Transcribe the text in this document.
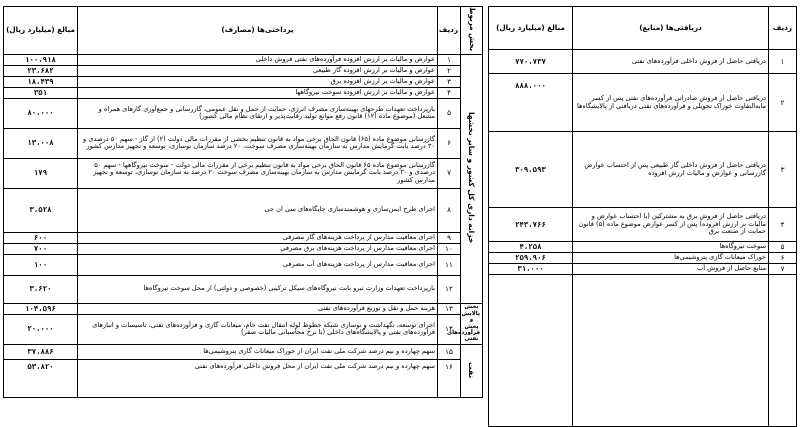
بخش مربوط	ردیف	پرداختی‌ها (مصارف)	مبالغ (میلیارد ریال)
خزانه داری کل کشور و سایر بخشها	۱	عوارض و مالیات بر ارزش افزوده فرآورده‌های نفتی فروش داخلی	۱۰۰،۹۱۸
	۲	عوارض و مالیات بر ارزش افزوده گاز طبیعی	۲۳،۶۸۲
	۳	عوارض و مالیات بر ارزش افزوده برق	۱۸،۴۳۹
	۴	عوارض و مالیات بر ارزش افزوده سوخت نیروگاهها	۳۵۱
	۵	بازپرداخت تعهدات طرحهای بهینه‌سازی مصرف انرژی، حمایت از حمل و نقل عمومی، گازرسانی و جمع‌آوری گازهای همراه و مشعل (موضوع ماده (۱۲) قانون رفع موانع تولید رقابت‌پذیر و ارتقای نظام مالی کشور)	۸۰،۰۰۰
	۶	گازرسانی موضوع ماده (۶۵) قانون الحاق برخی مواد به قانون تنظیم بخشی از مقررات مالی دولت (۲) از گاز - سهم ۵۰ درصدی و ۳۰ درصد بابت گرمایش مدارس به سازمان بهینه‌سازی مصرف سوخت، ۲۰ درصد سازمان نوسازی، توسعه و تجهیز مدارس کشور	۱۳،۰۰۸
	۷	گازرسانی موضوع ماده ۶۵ قانون الحاق برخی مواد به قانون تنظیم برخی از مقررات مالی دولت - سوخت نیروگاهها - سهم ۵۰ درصدی و ۳۰ درصد بابت گرمایش مدارس به سازمان بهینه‌سازی مصرف سوخت ۲۰ درصد به سازمان نوسازی، توسعه و تجهیز مدارس کشور	۱۷۹
	۸	اجرای طرح ایمن‌سازی و هوشمندسازی جایگاه‌های سی ان جی	۳،۵۲۸
	۹	اجرای معافیت مدارس از پرداخت هزینه‌های گاز مصرفی	۶۰۰
	۱۰	اجرای معافیت مدارس از پرداخت هزینه‌های برق مصرفی	۷۰۰
	۱۱	اجرای معافیت مدارس از پرداخت هزینه‌های آب مصرفی	۱۰۰
	۱۲	بازپرداخت تعهدات وزارت نیرو بابت نیروگاه‌های سیکل ترکیبی (خصوصی و دولتی) از محل سوخت نیروگاه‌ها	۳،۶۲۰
بخش پالایش و پخش فرآورده‌های نفتی	۱۳	هزینه حمل و نقل و توزیع فرآورده‌های نفتی	۱۰۴،۵۹۶
	۱۴	اجرای توسعه، نگهداشت و نوسازی شبکه خطوط لوله انتقال نفت خام، میعانات گازی و فرآورده‌های نفتی، تاسیسات و انبارهای فرآورده‌های نفتی و پالایشگاه‌های داخلی (با نرخ محاسباتی مالیات صفر)	۲۰،۰۰۰
نفت	۱۵	سهم چهارده و نیم درصد شرکت ملی نفت ایران از خوراک میعانات گازی پتروشیمی‌ها	۳۷،۸۸۶
	۱۶	سهم چهارده و نیم درصد شرکت ملی نفت ایران از محل فروش داخلی فرآورده‌های نفتی	۵۳،۸۲۰
ردیف	دریافتی‌ها (منابع)	مبالغ (میلیارد ریال)
۱	دریافتی حاصل از فروش داخلی فرآورده‌های نفتی	۷۷۰،۷۳۷
۲	دریافتی حاصل از فروش صادراتی فرآورده‌های نفتی پس از کسر مابه‌التفاوت خوراک تحویلی و فرآورده‌های نفتی دریافتی از پالایشگاه‌ها	۸۸۸،۰۰۰
۳	دریافتی حاصل از فروش داخلی گاز طبیعی پس از احتساب عوارض گازرسانی و عوارض و مالیات ارزش افزوده	۳۰۹،۵۹۳
۴	دریافتی حاصل از فروش برق به مشترکین (با احتساب عوارض و مالیات بر ارزش افزوده) پس از کسر عوارض موضوع ماده (۵) قانون حمایت از صنعت برق	۲۴۳،۷۶۶
۵	سوخت نیروگاه‌ها	۴،۲۵۸
۶	خوراک میعانات گازی پتروشیمی‌ها	۲۵۹،۹۰۶
۷	منابع حاصل از فروش آب	۳۱،۰۰۰
